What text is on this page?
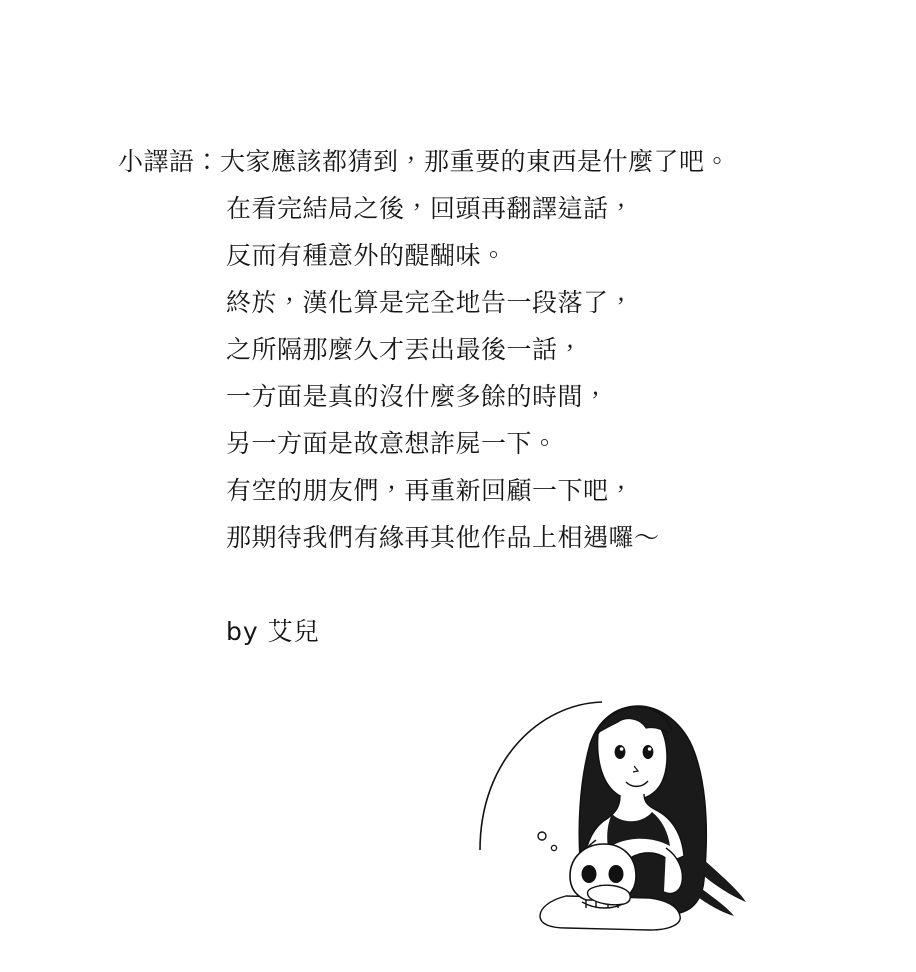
小譯語： 大家應該都猜到，那重要的東西是什麼了吧。
在看完結局之後，回頭再翻譯這話，
反而有種意外的醍醐味。
終於，漢化算是完全地告一段落了，
之所隔那麼久才丟出最後一話，
一方面是真的沒什麼多餘的時間，
另一方面是故意想詐屍一下。
有空的朋友們，再重新回顧一下吧，
那期待我們有緣再其他作品上相遇囉～
by 艾兒
